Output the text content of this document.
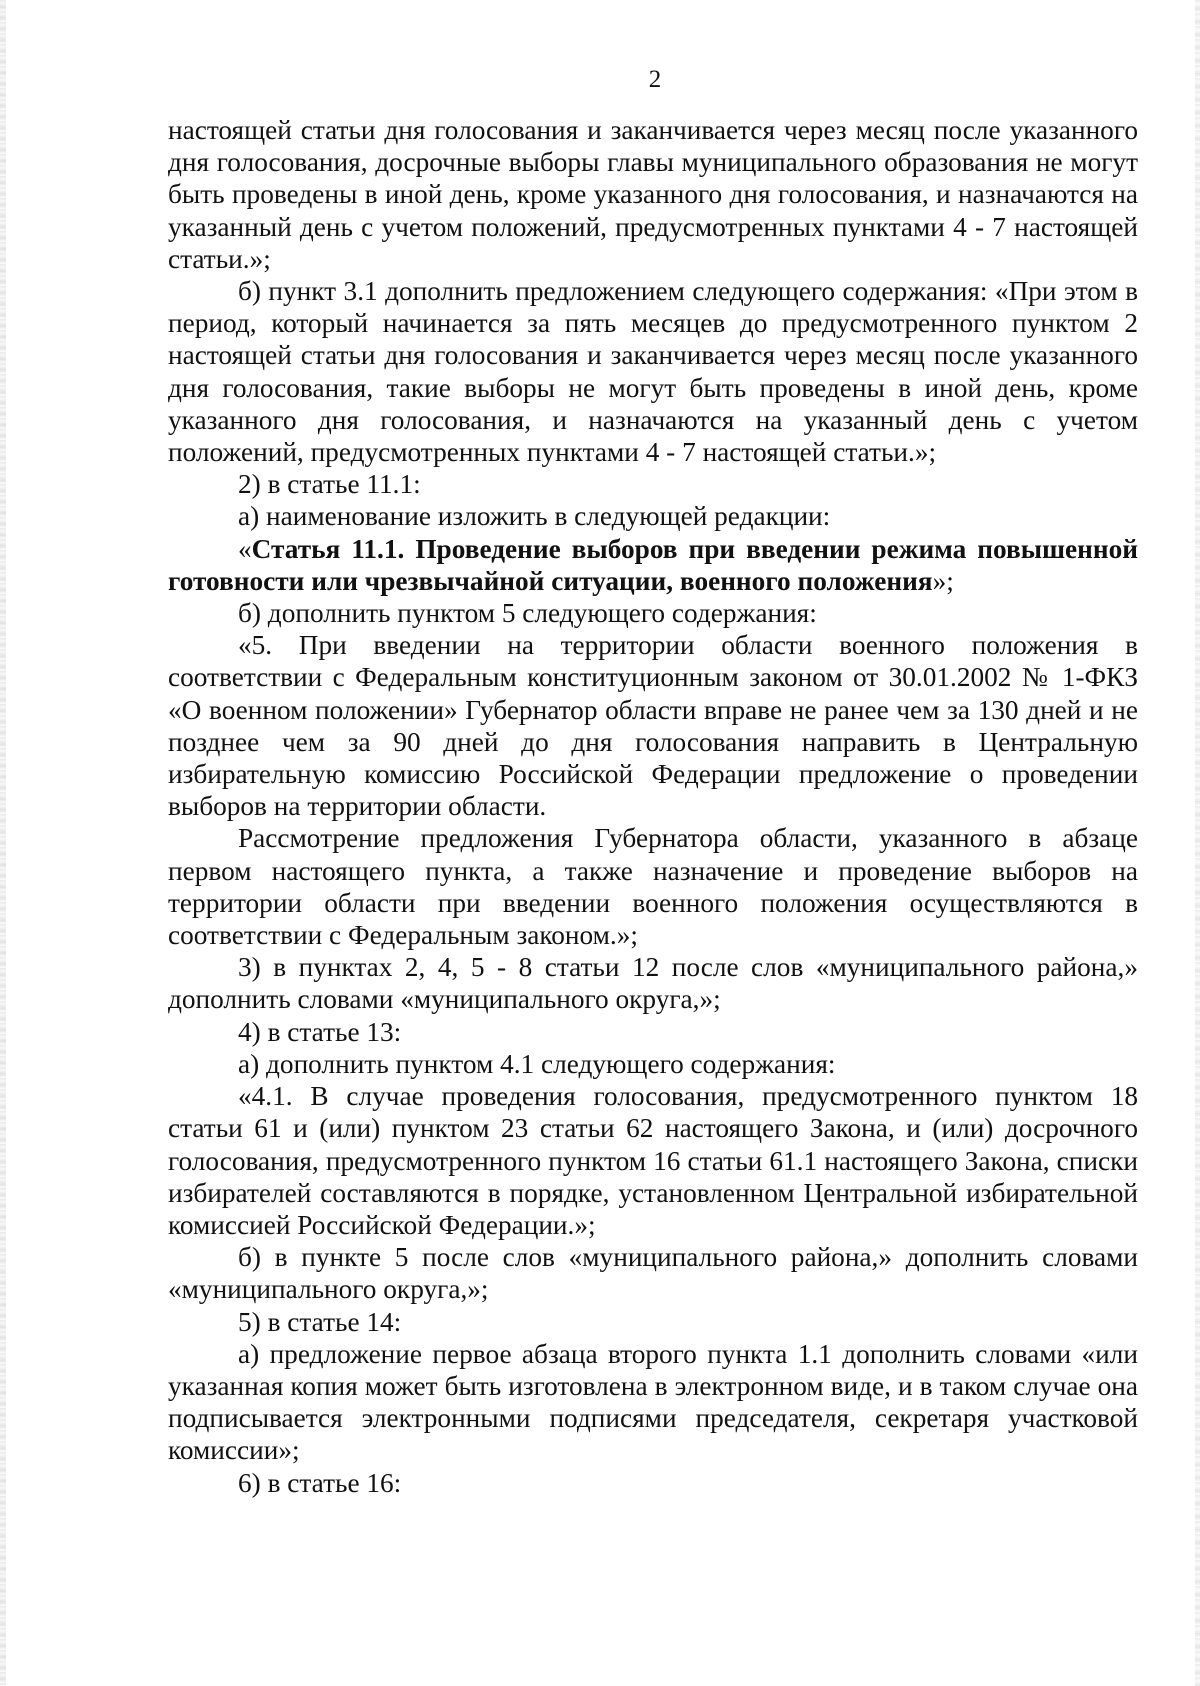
2

настоящей статьи дня голосования и заканчивается через месяц после указанного дня голосования, досрочные выборы главы муниципального образования не могут быть проведены в иной день, кроме указанного дня голосования, и назначаются на указанный день с учетом положений, предусмотренных пунктами 4 - 7 настоящей статьи.»;

б) пункт 3.1 дополнить предложением следующего содержания: «При этом в период, который начинается за пять месяцев до предусмотренного пунктом 2 настоящей статьи дня голосования и заканчивается через месяц после указанного дня голосования, такие выборы не могут быть проведены в иной день, кроме указанного дня голосования, и назначаются на указанный день с учетом положений, предусмотренных пунктами 4 - 7 настоящей статьи.»;

2) в статье 11.1:

а) наименование изложить в следующей редакции:

«Статья 11.1. Проведение выборов при введении режима повышенной готовности или чрезвычайной ситуации, военного положения»;

б) дополнить пунктом 5 следующего содержания:

«5. При введении на территории области военного положения в соответствии с Федеральным конституционным законом от 30.01.2002 № 1-ФКЗ «О военном положении» Губернатор области вправе не ранее чем за 130 дней и не позднее чем за 90 дней до дня голосования направить в Центральную избирательную комиссию Российской Федерации предложение о проведении выборов на территории области.

Рассмотрение предложения Губернатора области, указанного в абзаце первом настоящего пункта, а также назначение и проведение выборов на территории области при введении военного положения осуществляются в соответствии с Федеральным законом.»;

3) в пунктах 2, 4, 5 - 8 статьи 12 после слов «муниципального района,» дополнить словами «муниципального округа,»;

4) в статье 13:

а) дополнить пунктом 4.1 следующего содержания:

«4.1. В случае проведения голосования, предусмотренного пунктом 18 статьи 61 и (или) пунктом 23 статьи 62 настоящего Закона, и (или) досрочного голосования, предусмотренного пунктом 16 статьи 61.1 настоящего Закона, списки избирателей составляются в порядке, установленном Центральной избирательной комиссией Российской Федерации.»;

б) в пункте 5 после слов «муниципального района,» дополнить словами «муниципального округа,»;

5) в статье 14:

а) предложение первое абзаца второго пункта 1.1 дополнить словами «или указанная копия может быть изготовлена в электронном виде, и в таком случае она подписывается электронными подписями председателя, секретаря участковой комиссии»;

6) в статье 16:
